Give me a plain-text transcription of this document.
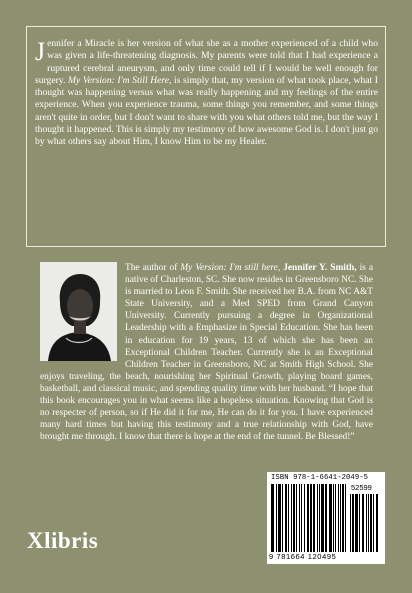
Jennifer a Miracle is her version of what she as a mother experienced of a child who was given a life-threatening diagnosis. My parents were told that I had experience a ruptured cerebral aneurysm, and only time could tell if I would be well enough for surgery. My Version: I'm Still Here, is simply that, my version of what took place, what I thought was happening versus what was really happening and my feelings of the entire experience. When you experience trauma, some things you remember, and some things aren't quite in order, but I don't want to share with you what others told me, but the way I thought it happened. This is simply my testimony of how awesome God is. I don't just go by what others say about Him, I know Him to be my Healer.

The author of My Version: I'm still here, Jennifer Y. Smith, is a native of Charleston, SC. She now resides in Greensboro NC. She is married to Leon F. Smith. She received her B.A. from NC A&T State University, and a Med SPED from Grand Canyon University. Currently pursuing a degree in Organizational Leadership with a Emphasize in Special Education. She has been in education for 19 years, 13 of which she has been an Exceptional Children Teacher. Currently she is an Exceptional Children Teacher in Greensboro, NC at Smith High School. She enjoys traveling, the beach, nourishing her Spiritual Growth, playing board games, basketball, and classical music, and spending quality time with her husband. “I hope that this book encourages you in what seems like a hopeless situation. Knowing that God is no respecter of person, so if He did it for me, He can do it for you. I have experienced many hard times but having this testimony and a true relationship with God, have brought me through. I know that there is hope at the end of the tunnel. Be Blessed!”

ISBN 978-1-6641-2049-5
52599
9 781664 120495
Xlibris
